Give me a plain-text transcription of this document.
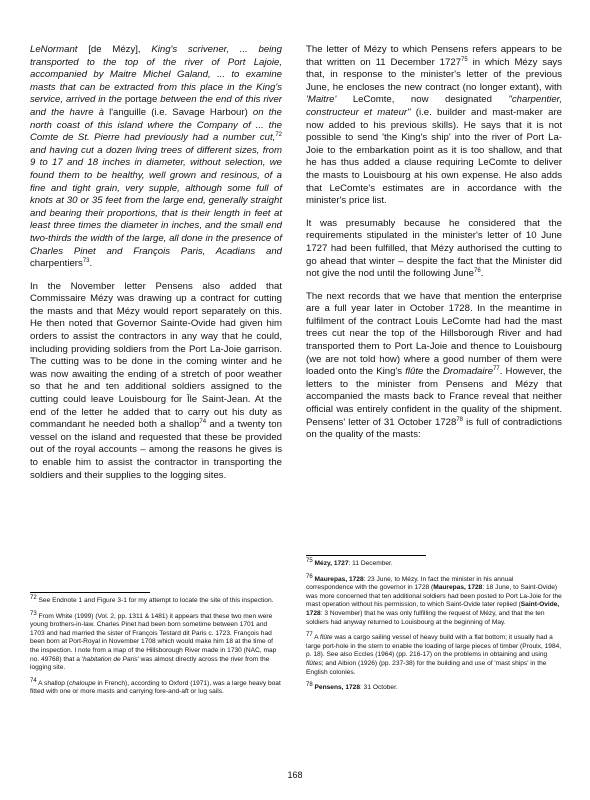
LeNormant [de Mézy], King's scrivener, ... being transported to the top of the river of Port Lajoie, accompanied by Maitre Michel Galand, ... to examine masts that can be extracted from this place in the King's service, arrived in the portage between the end of this river and the havre à l'anguille (i.e. Savage Harbour) on the north coast of this island where the Company of ... the Comte de St. Pierre had previously had a number cut,$^{72}$ and having cut a dozen living trees of different sizes, from 9 to 17 and 18 inches in diameter, without selection, we found them to be healthy, well grown and resinous, of a fine and tight grain, very supple, although some full of knots at 30 or 35 feet from the large end, generally straight and bearing their proportions, that is their length in feet at least three times the diameter in inches, and the small end two-thirds the width of the large, all done in the presence of Charles Pinet and François Paris, Acadians and charpentiers$^{73}$.

In the November letter Pensens also added that Commissaire Mézy was drawing up a contract for cutting the masts and that Mézy would report separately on this. He then noted that Governor Sainte-Ovide had given him orders to assist the contractors in any way that he could, including providing soldiers from the Port La-Joie garrison. The cutting was to be done in the coming winter and he was now awaiting the ending of a stretch of poor weather so that he and ten additional soldiers assigned to the cutting could leave Louisbourg for Île Saint-Jean. At the end of the letter he added that to carry out his duty as commandant he needed both a shallop$^{74}$ and a twenty ton vessel on the island and requested that these be provided out of the royal accounts – among the reasons he gives is to enable him to assist the contractor in transporting the soldiers and their supplies to the logging sites.

The letter of Mézy to which Pensens refers appears to be that written on 11 December 1727$^{75}$ in which Mézy says that, in response to the minister's letter of the previous June, he encloses the new contract (no longer extant), with 'Maitre' LeComte, now designated "charpentier, constructeur et mateur" (i.e. builder and mast-maker are now added to his previous skills). He says that it is not possible to send 'the King's ship' into the river of Port La-Joie to the embarkation point as it is too shallow, and that he has thus added a clause requiring LeComte to deliver the masts to Louisbourg at his own expense. He also adds that LeComte's estimates are in accordance with the minister's price list.

It was presumably because he considered that the requirements stipulated in the minister's letter of 10 June 1727 had been fulfilled, that Mézy authorised the cutting to go ahead that winter – despite the fact that the Minister did not give the nod until the following June$^{76}$.

The next records that we have that mention the enterprise are a full year later in October 1728. In the meantime in fulfilment of the contract Louis LeComte had had the mast trees cut near the top of the Hillsborough River and had transported them to Port La-Joie and thence to Louisbourg (we are not told how) where a good number of them were loaded onto the King's flûte the Dromadaire$^{77}$. However, the letters to the minister from Pensens and Mézy that accompanied the masts back to France reveal that neither official was entirely confident in the quality of the shipment. Pensens' letter of 31 October 1728$^{78}$ is full of contradictions on the quality of the masts:

$^{72}$ See Endnote 1 and Figure 3-1 for my attempt to locate the site of this inspection.

$^{73}$ From White (1999) (Vol. 2, pp. 1311 & 1481) it appears that these two men were young brothers-in-law. Charles Pinet had been born sometime between 1701 and 1703 and had married the sister of François Testard dit Paris c. 1723. François had been born at Port-Royal in November 1708 which would make him 18 at the time of the inspection. I note from a map of the Hillsborough River made in 1730 (NAC, map no. 49768) that a 'habitation de Paris' was almost directly across the river from the logging site.

$^{74}$ A shallop (chaloupe in French), according to Oxford (1971), was a large heavy boat fitted with one or more masts and carrying fore-and-aft or lug sails.

$^{75}$ Mézy, 1727: 11 December.

$^{76}$ Maurepas, 1728: 23 June, to Mézy. In fact the minister in his annual correspondence with the governor in 1728 (Maurepas, 1728: 18 June, to Saint-Ovide) was more concerned that ten additional soldiers had been posted to Port La-Joie for the mast operation without his permission, to which Saint-Ovide later replied (Saint-Ovide, 1728: 3 November) that he was only fulfilling the request of Mézy, and that the ten soldiers had anyway returned to Louisbourg at the beginning of May.

$^{77}$ A flûte was a cargo sailing vessel of heavy build with a flat bottom; it usually had a large port-hole in the stern to enable the loading of large pieces of timber (Proulx, 1984, p. 18). See also Eccles (1964) (pp. 216-17) on the problems in obtaining and using flûtes; and Albion (1926) (pp. 237-38) for the building and use of 'mast ships' in the English colonies.

$^{78}$ Pensens, 1728: 31 October.

168
